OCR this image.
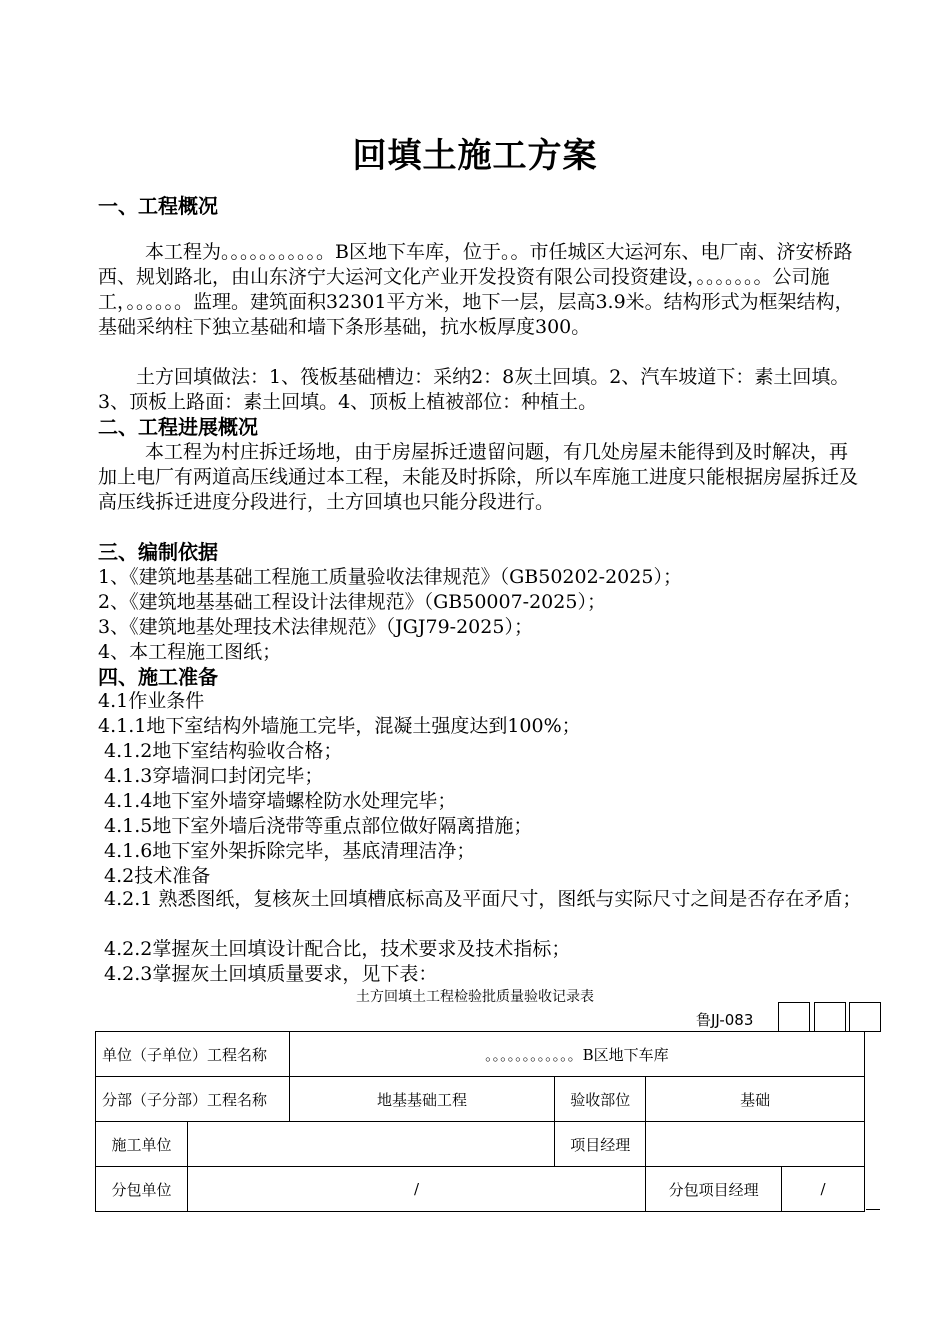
回填土施工方案
一、工程概况
本工程为。。。。。。。。。。。B区地下车库，位于。。市任城区大运河东、电厂南、济安桥路西、规划路北，由山东济宁大运河文化产业开发投资有限公司投资建设，。。。。。。。公司施工，。。。。。。监理。建筑面积32301平方米，地下一层，层高3.9米。结构形式为框架结构，基础采纳柱下独立基础和墙下条形基础，抗水板厚度300。
土方回填做法：1、筏板基础槽边：采纳2：8灰土回填。2、汽车坡道下：素土回填。3、顶板上路面：素土回填。4、顶板上植被部位：种植土。
二、工程进展概况
本工程为村庄拆迁场地，由于房屋拆迁遗留问题，有几处房屋未能得到及时解决，再加上电厂有两道高压线通过本工程，未能及时拆除，所以车库施工进度只能根据房屋拆迁及高压线拆迁进度分段进行，土方回填也只能分段进行。
三、编制依据
1、《建筑地基基础工程施工质量验收法律规范》（GB50202-2025）；
2、《建筑地基基础工程设计法律规范》（GB50007-2025）；
3、《建筑地基处理技术法律规范》（JGJ79-2025）；
4、本工程施工图纸；
四、施工准备
4.1作业条件
4.1.1地下室结构外墙施工完毕，混凝土强度达到100%；
4.1.2地下室结构验收合格；
4.1.3穿墙洞口封闭完毕；
4.1.4地下室外墙穿墙螺栓防水处理完毕；
4.1.5地下室外墙后浇带等重点部位做好隔离措施；
4.1.6地下室外架拆除完毕，基底清理洁净；
4.2技术准备
4.2.1 熟悉图纸，复核灰土回填槽底标高及平面尺寸，图纸与实际尺寸之间是否存在矛盾；
4.2.2掌握灰土回填设计配合比，技术要求及技术指标；
4.2.3掌握灰土回填质量要求，见下表：
土方回填土工程检验批质量验收记录表
鲁JJ-083
单位（子单位）工程名称		。。。。。。。。。。。。B区地下车库			
分部（子分部）工程名称		地基基础工程	验收部位	基础	
施工单位			项目经理		
分包单位	/			分包项目经理	/
